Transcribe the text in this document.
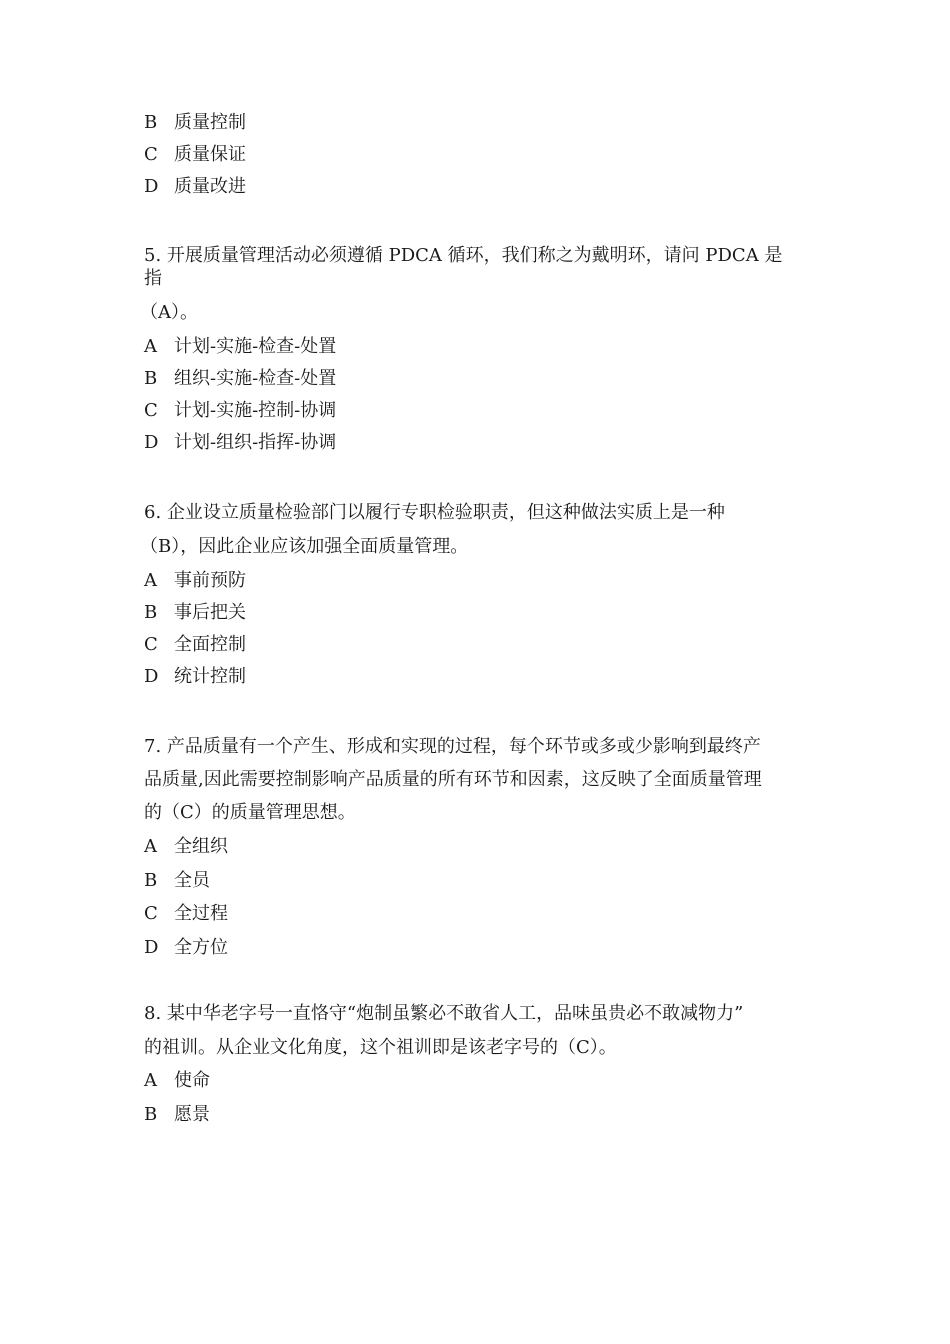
B 质量控制
C 质量保证
D 质量改进
5. 开展质量管理活动必须遵循 PDCA 循环，我们称之为戴明环，请问 PDCA 是
指
（A）。
A 计划-实施-检查-处置
B 组织-实施-检查-处置
C 计划-实施-控制-协调
D 计划-组织-指挥-协调
6. 企业设立质量检验部门以履行专职检验职责，但这种做法实质上是一种
（B），因此企业应该加强全面质量管理。
A 事前预防
B 事后把关
C 全面控制
D 统计控制
7. 产品质量有一个产生、形成和实现的过程，每个环节或多或少影响到最终产
品质量,因此需要控制影响产品质量的所有环节和因素，这反映了全面质量管理
的（C）的质量管理思想。
A 全组织
B 全员
C 全过程
D 全方位
8. 某中华老字号一直恪守“炮制虽繁必不敢省人工，品味虽贵必不敢减物力”
的祖训。从企业文化角度，这个祖训即是该老字号的（C）。
A 使命
B 愿景
